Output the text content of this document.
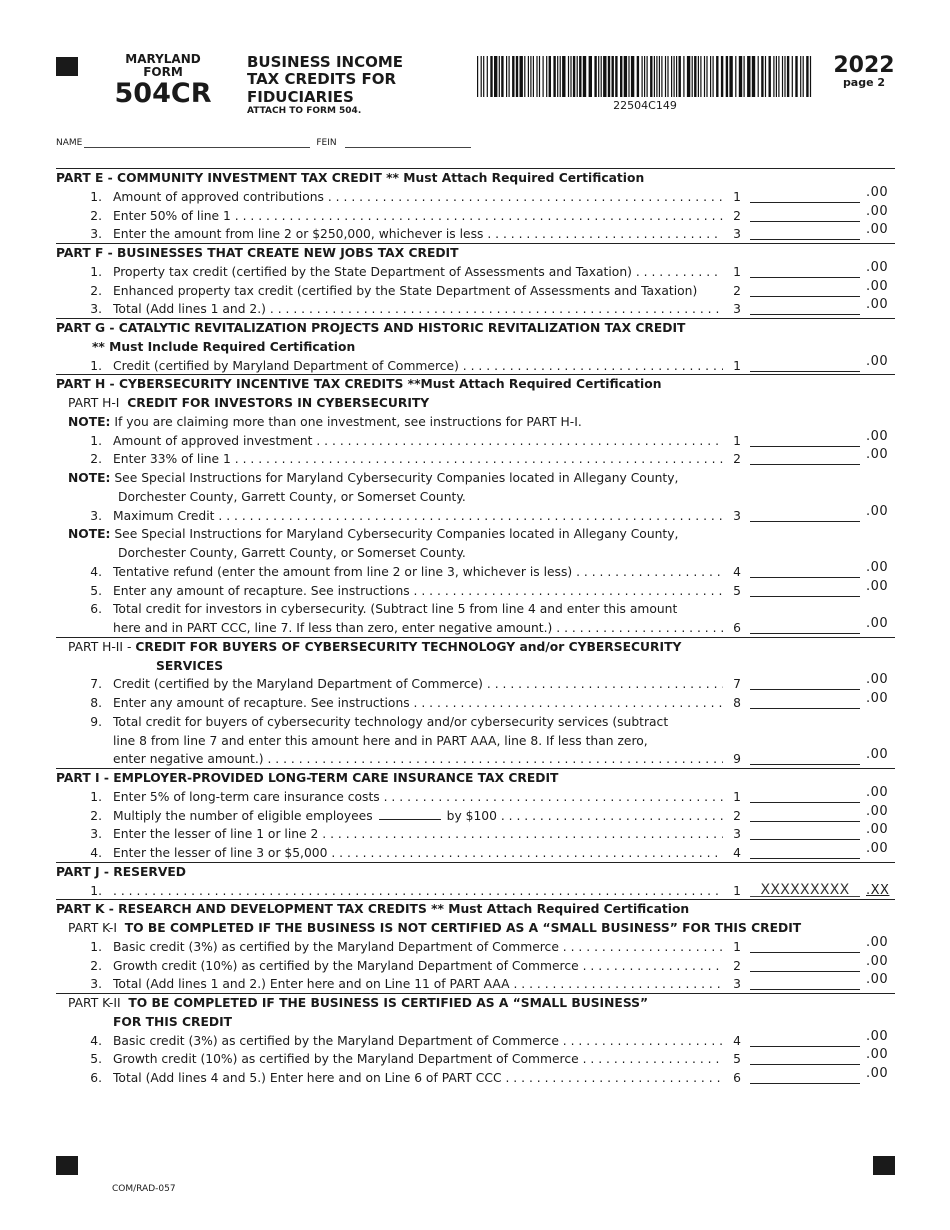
MARYLAND
FORM
504CR
BUSINESS INCOME
TAX CREDITS FOR
FIDUCIARIES
ATTACH TO FORM 504.	22504C149
2022
page 2
NAME	FEIN
PART E - COMMUNITY INVESTMENT TAX CREDIT ** Must Attach Required Certification
1. Amount of approved contributions . . .	1	.00
2. Enter 50% of line 1 . . .	2	.00
3. Enter the amount from line 2 or $250,000, whichever is less . . .	3	.00
PART F - BUSINESSES THAT CREATE NEW JOBS TAX CREDIT
1. Property tax credit (certified by the State Department of Assessments and Taxation) . . .	1	.00
2. Enhanced property tax credit (certified by the State Department of Assessments and Taxation)	2	.00
3. Total (Add lines 1 and 2.) . . .	3	.00
PART G - CATALYTIC REVITALIZATION PROJECTS AND HISTORIC REVITALIZATION TAX CREDIT
** Must Include Required Certification
1. Credit (certified by Maryland Department of Commerce) . . .	1	.00
PART H - CYBERSECURITY INCENTIVE TAX CREDITS **Must Attach Required Certification
PART H-I CREDIT FOR INVESTORS IN CYBERSECURITY
NOTE: If you are claiming more than one investment, see instructions for PART H-I.
1. Amount of approved investment . . .	1	.00
2. Enter 33% of line 1 . . .	2	.00
NOTE: See Special Instructions for Maryland Cybersecurity Companies located in Allegany County,
Dorchester County, Garrett County, or Somerset County.
3. Maximum Credit . . .	3	.00
NOTE: See Special Instructions for Maryland Cybersecurity Companies located in Allegany County,
Dorchester County, Garrett County, or Somerset County.
4. Tentative refund (enter the amount from line 2 or line 3, whichever is less) . . .	4	.00
5. Enter any amount of recapture. See instructions . . .	5	.00
6. Total credit for investors in cybersecurity. (Subtract line 5 from line 4 and enter this amount
here and in PART CCC, line 7. If less than zero, enter negative amount.) . . .	6	.00
PART H-II - CREDIT FOR BUYERS OF CYBERSECURITY TECHNOLOGY and/or CYBERSECURITY
SERVICES
7. Credit (certified by the Maryland Department of Commerce) . . .	7	.00
8. Enter any amount of recapture. See instructions . . .	8	.00
9. Total credit for buyers of cybersecurity technology and/or cybersecurity services (subtract
line 8 from line 7 and enter this amount here and in PART AAA, line 8. If less than zero,
enter negative amount.) . . .	9	.00
PART I - EMPLOYER-PROVIDED LONG-TERM CARE INSURANCE TAX CREDIT
1. Enter 5% of long-term care insurance costs . . .	1	.00
2. Multiply the number of eligible employees	by $100 . . .	2	.00
3. Enter the lesser of line 1 or line 2 . . .	3	.00
4. Enter the lesser of line 3 or $5,000 . . .	4	.00
PART J - RESERVED
1.
. . .	1	XXXXXXXXX	.XX
PART K - RESEARCH AND DEVELOPMENT TAX CREDITS ** Must Attach Required Certification
PART K-I TO BE COMPLETED IF THE BUSINESS IS NOT CERTIFIED AS A “SMALL BUSINESS” FOR THIS CREDIT
1. Basic credit (3%) as certified by the Maryland Department of Commerce . . .	1	.00
2. Growth credit (10%) as certified by the Maryland Department of Commerce . . .	2	.00
3. Total (Add lines 1 and 2.) Enter here and on Line 11 of PART AAA . . .	3	.00
PART K-II TO BE COMPLETED IF THE BUSINESS IS CERTIFIED AS A “SMALL BUSINESS”
FOR THIS CREDIT
4. Basic credit (3%) as certified by the Maryland Department of Commerce . . .	4	.00
5. Growth credit (10%) as certified by the Maryland Department of Commerce . . .	5	.00
6. Total (Add lines 4 and 5.) Enter here and on Line 6 of PART CCC . . .	6	.00
COM/RAD-057
